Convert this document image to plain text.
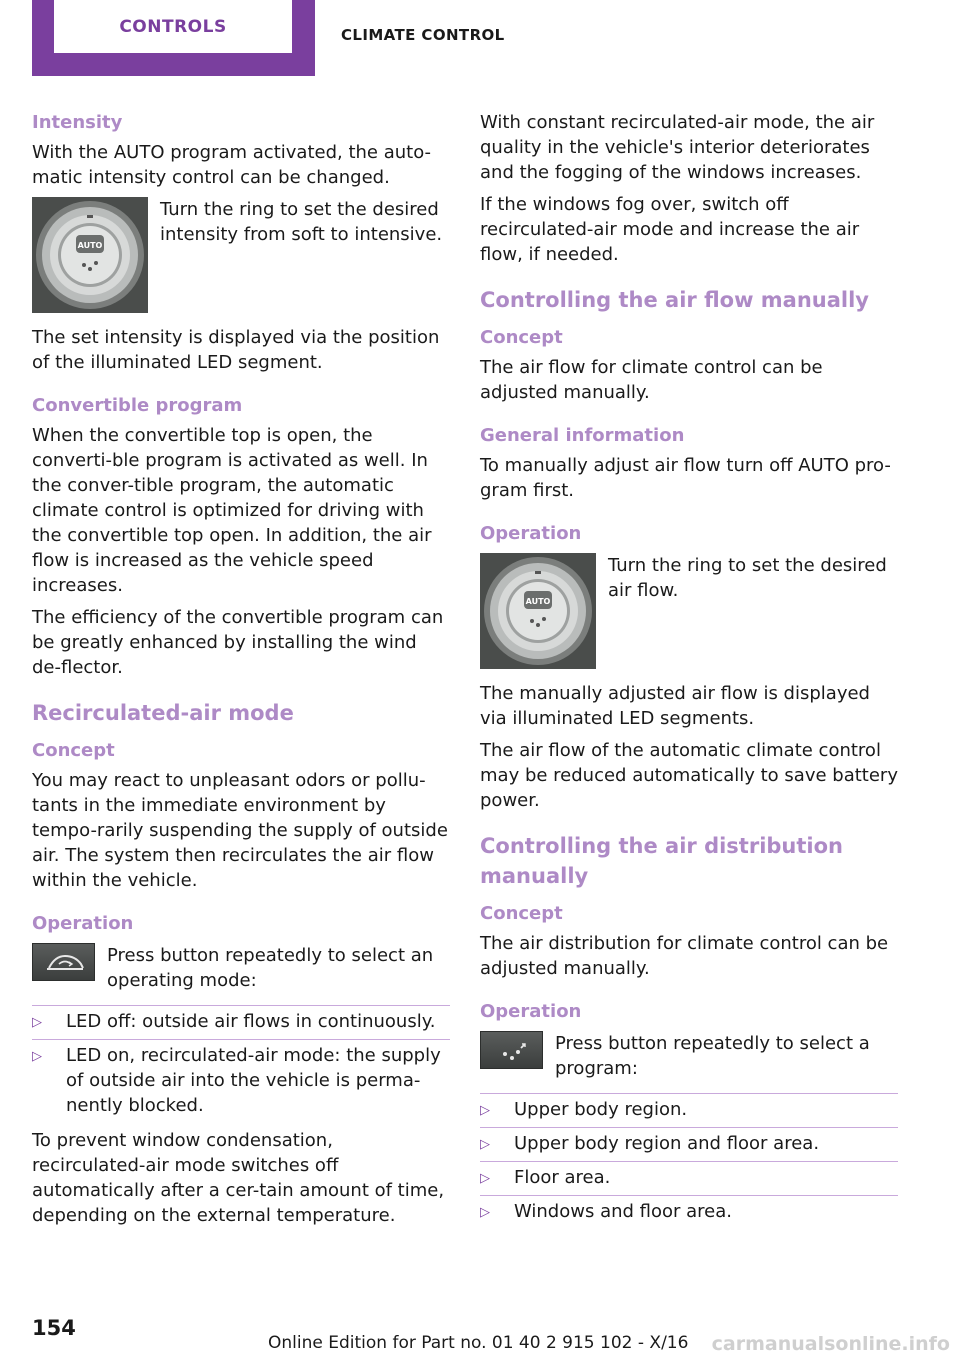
CONTROLS	CLIMATE CONTROL
Intensity

With the AUTO program activated, the auto-matic intensity control can be changed.

AUTO
Turn the ring to set the desired intensity from soft to intensive.

The set intensity is displayed via the position of the illuminated LED segment.

Convertible program

When the convertible top is open, the converti-ble program is activated as well. In the conver-tible program, the automatic climate control is optimized for driving with the convertible top open. In addition, the air flow is increased as the vehicle speed increases.

The efficiency of the convertible program can be greatly enhanced by installing the wind de-flector.

Recirculated-air mode
Concept

You may react to unpleasant odors or pollu-tants in the immediate environment by tempo-rarily suspending the supply of outside air. The system then recirculates the air flow within the vehicle.

Operation
Press button repeatedly to select an operating mode:
▷	LED off: outside air flows in continuously.
▷	LED on, recirculated-air mode: the supply of outside air into the vehicle is perma-nently blocked.

To prevent window condensation, recirculated-air mode switches off automatically after a cer-tain amount of time, depending on the external temperature.

With constant recirculated-air mode, the air quality in the vehicle's interior deteriorates and the fogging of the windows increases.

If the windows fog over, switch off recirculated-air mode and increase the air flow, if needed.

Controlling the air flow manually
Concept

The air flow for climate control can be adjusted manually.

General information

To manually adjust air flow turn off AUTO pro-gram first.

Operation
AUTO
Turn the ring to set the desired air flow.

The manually adjusted air flow is displayed via illuminated LED segments.

The air flow of the automatic climate control may be reduced automatically to save battery power.

Controlling the air distribution manually
Concept

The air distribution for climate control can be adjusted manually.

Operation
Press button repeatedly to select a program:
▷	Upper body region.
▷	Upper body region and floor area.
▷	Floor area.
▷	Windows and floor area.
154
Online Edition for Part no. 01 40 2 915 102 - X/16 carmanualsonline.info
